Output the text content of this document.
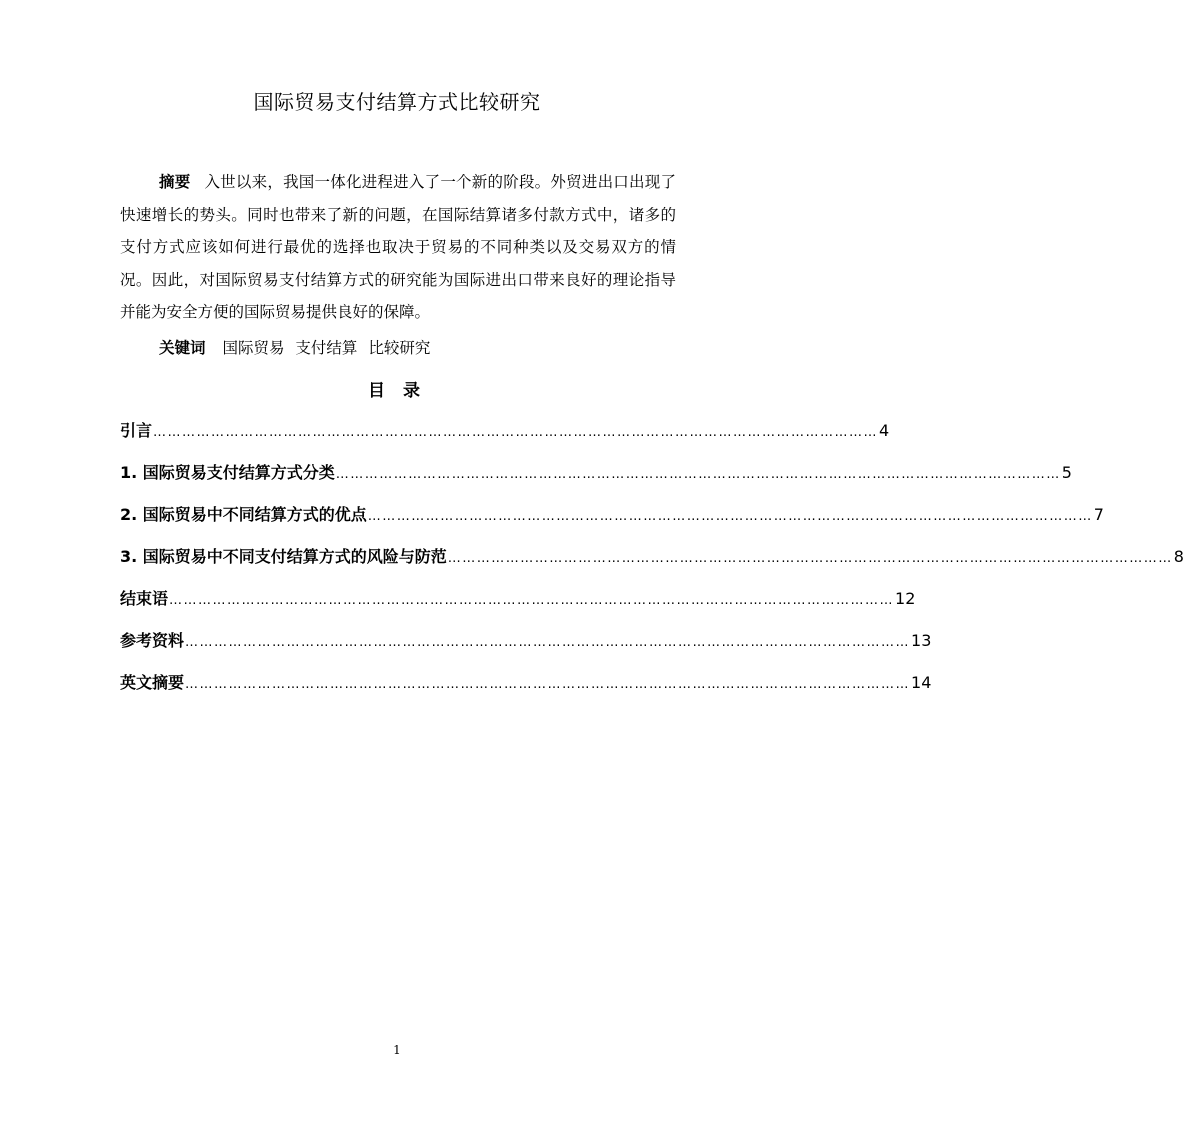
国际贸易支付结算方式比较研究
摘要 入世以来，我国一体化进程进入了一个新的阶段。外贸进出口出现了快速增长的势头。同时也带来了新的问题，在国际结算诸多付款方式中，诸多的支付方式应该如何进行最优的选择也取决于贸易的不同种类以及交易双方的情况。因此，对国际贸易支付结算方式的研究能为国际进出口带来良好的理论指导并能为安全方便的国际贸易提供良好的保障。
关键词 国际贸易 支付结算 比较研究
目 录
引言 …………………………………………………………………………………………………………………………………… 4
1. 国际贸易支付结算方式分类 …………………………………………………………………………………………………………………………………… 5
2. 国际贸易中不同结算方式的优点 …………………………………………………………………………………………………………………………………… 7
3. 国际贸易中不同支付结算方式的风险与防范 …………………………………………………………………………………………………………………………………… 8
结束语 …………………………………………………………………………………………………………………………………… 12
参考资料 …………………………………………………………………………………………………………………………………… 13
英文摘要 …………………………………………………………………………………………………………………………………… 14
1
